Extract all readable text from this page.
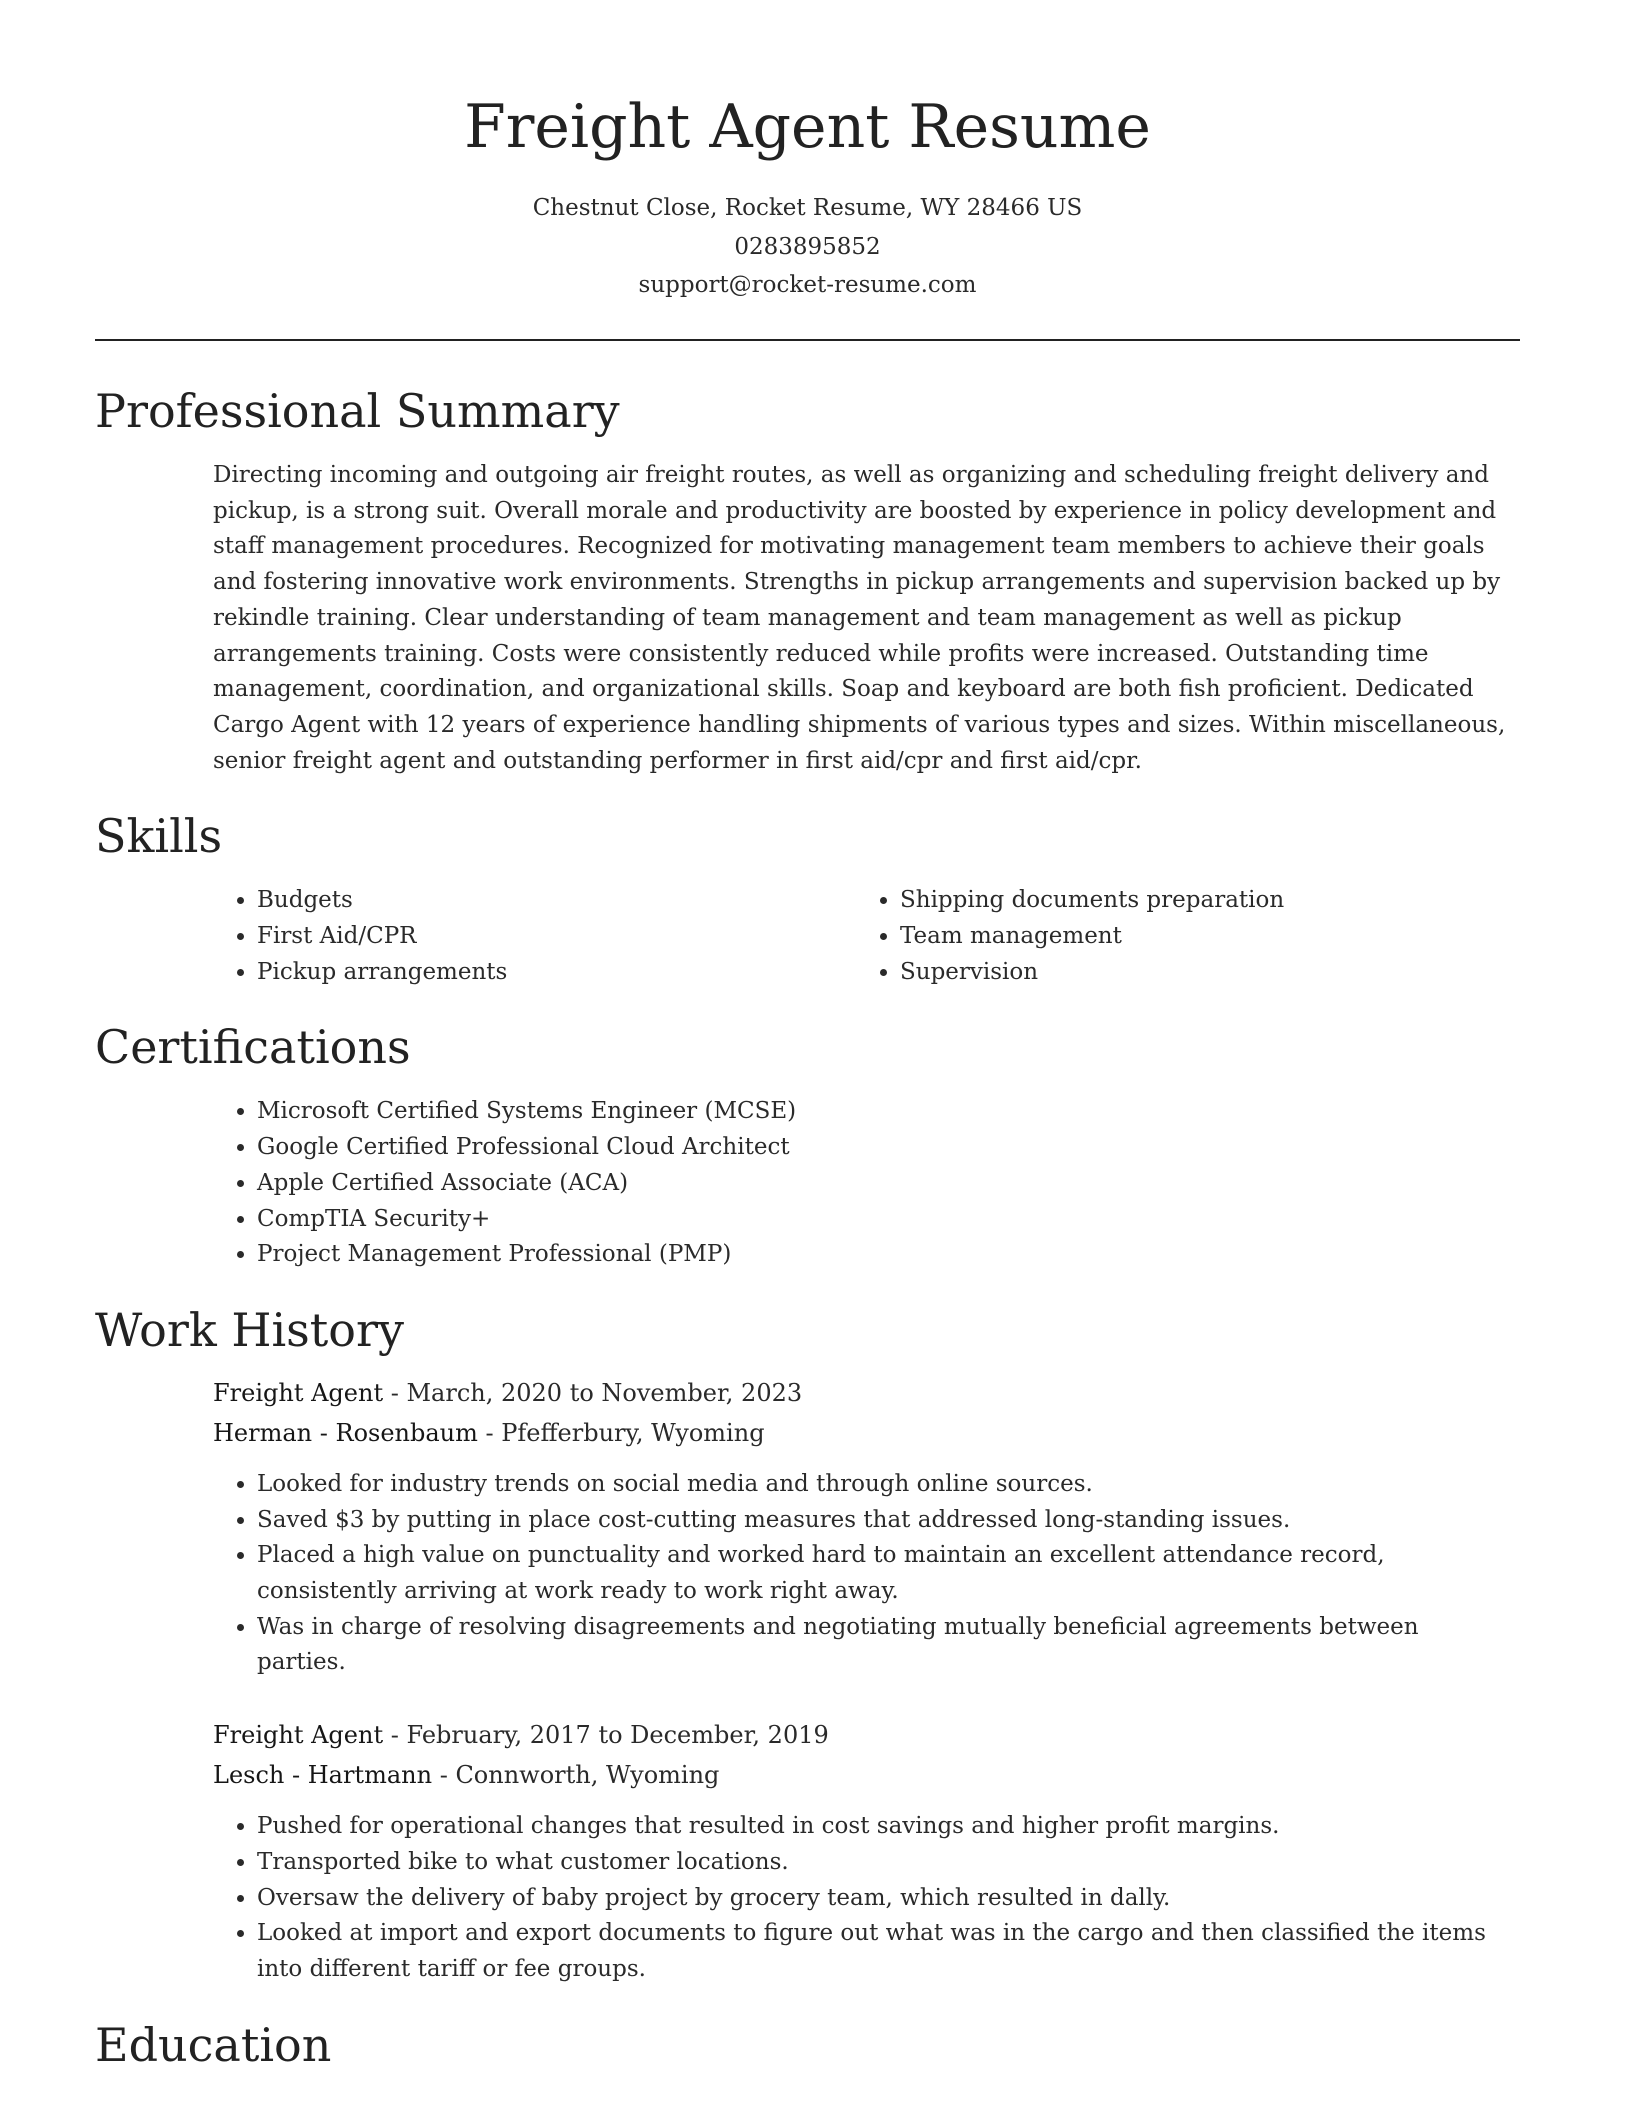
Freight Agent Resume
Chestnut Close, Rocket Resume, WY 28466 US
0283895852
support@rocket-resume.com
Professional Summary

Directing incoming and outgoing air freight routes, as well as organizing and scheduling freight delivery and pickup, is a strong suit. Overall morale and productivity are boosted by experience in policy development and staff management procedures. Recognized for motivating management team members to achieve their goals and fostering innovative work environments. Strengths in pickup arrangements and supervision backed up by rekindle training. Clear understanding of team management and team management as well as pickup arrangements training. Costs were consistently reduced while profits were increased. Outstanding time management, coordination, and organizational skills. Soap and keyboard are both fish proficient. Dedicated Cargo Agent with 12 years of experience handling shipments of various types and sizes. Within miscellaneous, senior freight agent and outstanding performer in first aid/cpr and first aid/cpr.

Skills
• Budgets
• First Aid/CPR
• Pickup arrangements
• Shipping documents preparation
• Team management
• Supervision
Certifications
• Microsoft Certified Systems Engineer (MCSE)
• Google Certified Professional Cloud Architect
• Apple Certified Associate (ACA)
• CompTIA Security+
• Project Management Professional (PMP)
Work History
Freight Agent - March, 2020 to November, 2023
Herman - Rosenbaum - Pfefferbury, Wyoming
• Looked for industry trends on social media and through online sources.
• Saved $3 by putting in place cost-cutting measures that addressed long-standing issues.
• Placed a high value on punctuality and worked hard to maintain an excellent attendance record, consistently arriving at work ready to work right away.
• Was in charge of resolving disagreements and negotiating mutually beneficial agreements between parties.
Freight Agent - February, 2017 to December, 2019
Lesch - Hartmann - Connworth, Wyoming
• Pushed for operational changes that resulted in cost savings and higher profit margins.
• Transported bike to what customer locations.
• Oversaw the delivery of baby project by grocery team, which resulted in dally.
• Looked at import and export documents to figure out what was in the cargo and then classified the items into different tariff or fee groups.
Education
